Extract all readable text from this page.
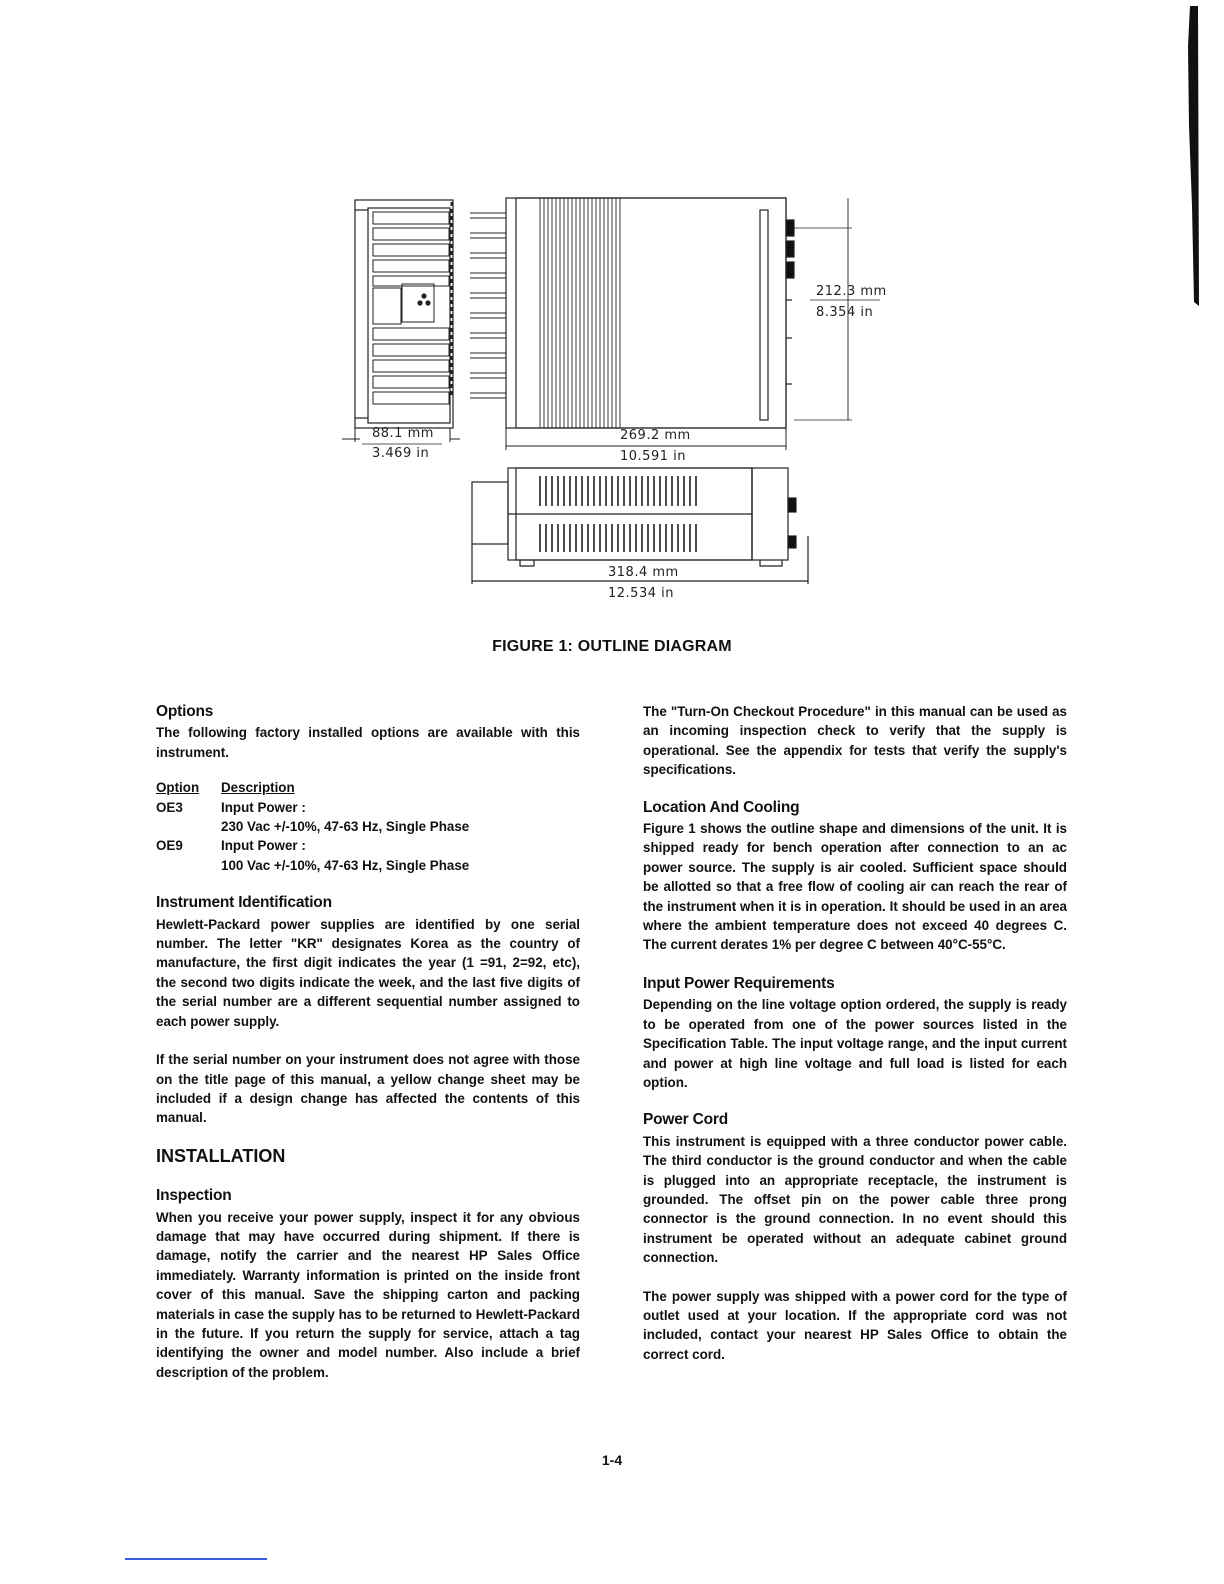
88.1 mm
3.469 in
269.2 mm
10.591 in
212.3 mm
8.354 in
318.4 mm
12.534 in
FIGURE 1: OUTLINE DIAGRAM
Options

The following factory installed options are available with this instrument.

Option	Description
OE3	Input Power :
230 Vac +/-10%, 47-63 Hz, Single Phase
OE9	Input Power :
100 Vac +/-10%, 47-63 Hz, Single Phase
Instrument Identification

Hewlett-Packard power supplies are identified by one serial number. The letter "KR" designates Korea as the country of manufacture, the first digit indicates the year (1 =91, 2=92, etc), the second two digits indicate the week, and the last five digits of the serial number are a different sequential number assigned to each power supply.

If the serial number on your instrument does not agree with those on the title page of this manual, a yellow change sheet may be included if a design change has affected the contents of this manual.

INSTALLATION
Inspection

When you receive your power supply, inspect it for any obvious damage that may have occurred during shipment. If there is damage, notify the carrier and the nearest HP Sales Office immediately. Warranty information is printed on the inside front cover of this manual. Save the shipping carton and packing materials in case the supply has to be returned to Hewlett-Packard in the future. If you return the supply for service, attach a tag identifying the owner and model number. Also include a brief description of the problem.

The "Turn-On Checkout Procedure" in this manual can be used as an incoming inspection check to verify that the supply is operational. See the appendix for tests that verify the supply's specifications.

Location And Cooling

Figure 1 shows the outline shape and dimensions of the unit. It is shipped ready for bench operation after connection to an ac power source. The supply is air cooled. Sufficient space should be allotted so that a free flow of cooling air can reach the rear of the instrument when it is in operation. It should be used in an area where the ambient temperature does not exceed 40 degrees C. The current derates 1% per degree C between 40°C-55°C.

Input Power Requirements

Depending on the line voltage option ordered, the supply is ready to be operated from one of the power sources listed in the Specification Table. The input voltage range, and the input current and power at high line voltage and full load is listed for each option.

Power Cord

This instrument is equipped with a three conductor power cable. The third conductor is the ground conductor and when the cable is plugged into an appropriate receptacle, the instrument is grounded. The offset pin on the power cable three prong connector is the ground connection. In no event should this instrument be operated without an adequate cabinet ground connection.

The power supply was shipped with a power cord for the type of outlet used at your location. If the appropriate cord was not included, contact your nearest HP Sales Office to obtain the correct cord.

1-4
